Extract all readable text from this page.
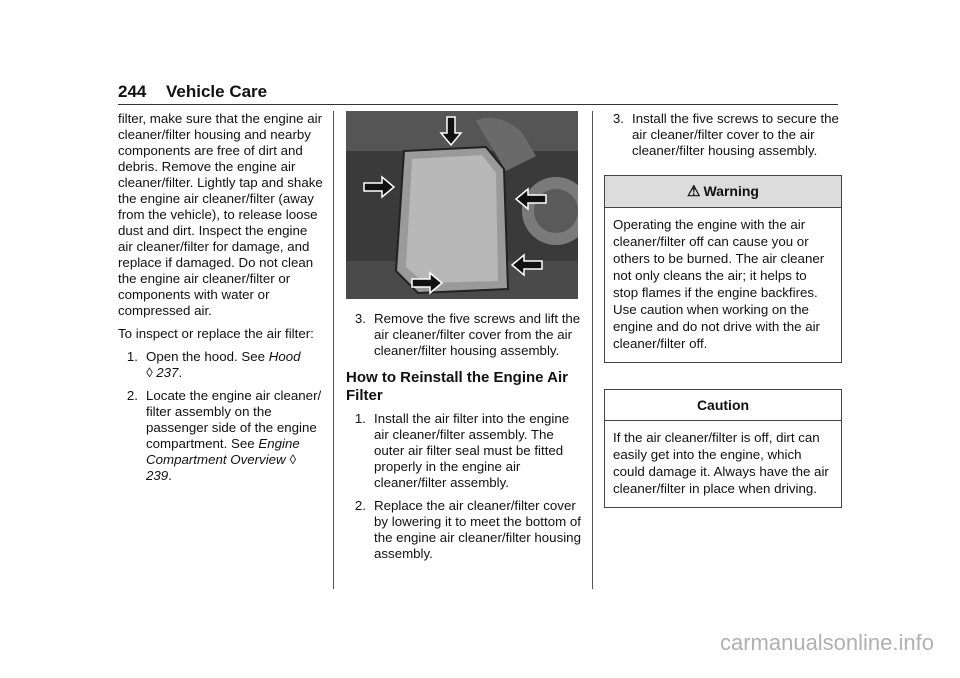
244 Vehicle Care

filter, make sure that the engine air cleaner/filter housing and nearby components are free of dirt and debris. Remove the engine air cleaner/filter. Lightly tap and shake the engine air cleaner/filter (away from the vehicle), to release loose dust and dirt. Inspect the engine air cleaner/filter for damage, and replace if damaged. Do not clean the engine air cleaner/filter or components with water or compressed air.

To inspect or replace the air filter:

1. Open the hood. See Hood
◊ 237.
2. Locate the engine air cleaner/ filter assembly on the passenger side of the engine compartment. See Engine Compartment Overview ◊ 239.
3. Remove the five screws and lift the air cleaner/filter cover from the air cleaner/filter housing assembly.
How to Reinstall the Engine Air Filter
1. Install the air filter into the engine air cleaner/filter assembly. The outer air filter seal must be fitted properly in the engine air cleaner/filter assembly.
2. Replace the air cleaner/filter cover by lowering it to meet the bottom of the engine air cleaner/filter housing assembly.
3. Install the five screws to secure the air cleaner/filter cover to the air cleaner/filter housing assembly.
⚠ Warning
Operating the engine with the air cleaner/filter off can cause you or others to be burned. The air cleaner not only cleans the air; it helps to stop flames if the engine backfires. Use caution when working on the engine and do not drive with the air cleaner/filter off.
Caution
If the air cleaner/filter is off, dirt can easily get into the engine, which could damage it. Always have the air cleaner/filter in place when driving.
carmanualsonline.info
